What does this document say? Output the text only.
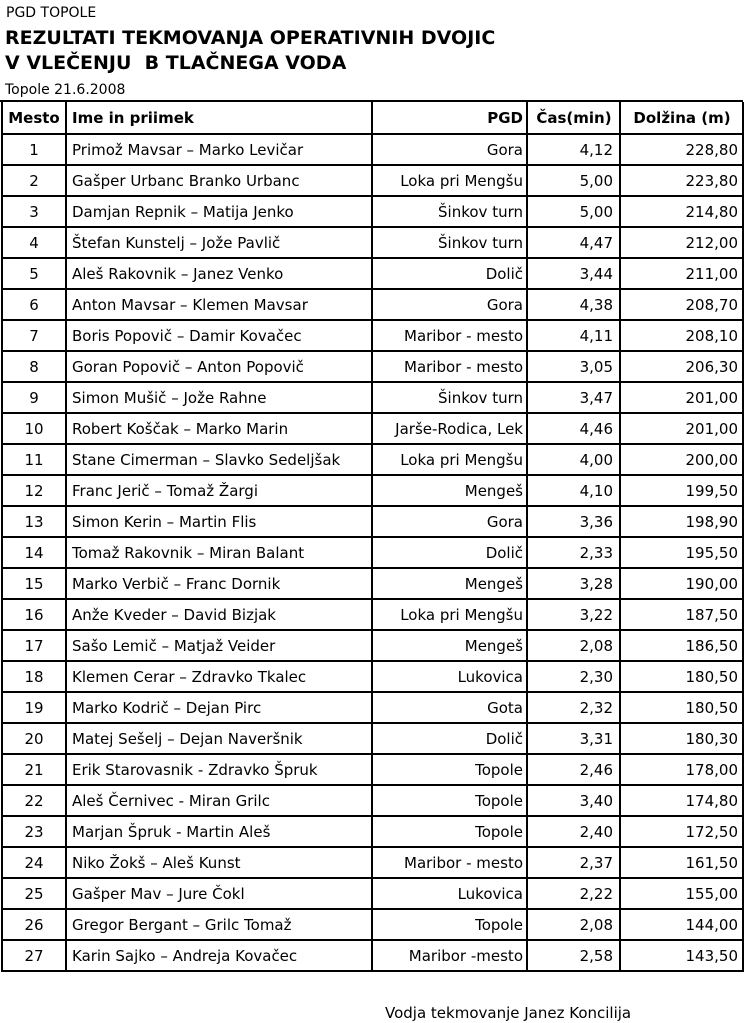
PGD TOPOLE
REZULTATI TEKMOVANJA OPERATIVNIH DVOJIC
V VLEČENJU  B TLAČNEGA VODA
Topole 21.6.2008
Mesto	Ime in priimek	PGD	Čas(min)	Dolžina (m)
1	Primož Mavsar – Marko Levičar	Gora	4,12	228,80
2	Gašper Urbanc Branko Urbanc	Loka pri Mengšu	5,00	223,80
3	Damjan Repnik – Matija Jenko	Šinkov turn	5,00	214,80
4	Štefan Kunstelj – Jože Pavlič	Šinkov turn	4,47	212,00
5	Aleš Rakovnik – Janez Venko	Dolič	3,44	211,00
6	Anton Mavsar – Klemen Mavsar	Gora	4,38	208,70
7	Boris Popovič – Damir Kovačec	Maribor - mesto	4,11	208,10
8	Goran Popovič – Anton Popovič	Maribor - mesto	3,05	206,30
9	Simon Mušič – Jože Rahne	Šinkov turn	3,47	201,00
10	Robert Koščak – Marko Marin	Jarše-Rodica, Lek	4,46	201,00
11	Stane Cimerman – Slavko Sedeljšak	Loka pri Mengšu	4,00	200,00
12	Franc Jerič – Tomaž Žargi	Mengeš	4,10	199,50
13	Simon Kerin – Martin Flis	Gora	3,36	198,90
14	Tomaž Rakovnik – Miran Balant	Dolič	2,33	195,50
15	Marko Verbič – Franc Dornik	Mengeš	3,28	190,00
16	Anže Kveder – David Bizjak	Loka pri Mengšu	3,22	187,50
17	Sašo Lemič – Matjaž Veider	Mengeš	2,08	186,50
18	Klemen Cerar – Zdravko Tkalec	Lukovica	2,30	180,50
19	Marko Kodrič – Dejan Pirc	Gota	2,32	180,50
20	Matej Sešelj – Dejan Naveršnik	Dolič	3,31	180,30
21	Erik Starovasnik - Zdravko Špruk	Topole	2,46	178,00
22	Aleš Černivec - Miran Grilc	Topole	3,40	174,80
23	Marjan Špruk - Martin Aleš	Topole	2,40	172,50
24	Niko Žokš – Aleš Kunst	Maribor - mesto	2,37	161,50
25	Gašper Mav – Jure Čokl	Lukovica	2,22	155,00
26	Gregor Bergant – Grilc Tomaž	Topole	2,08	144,00
27	Karin Sajko – Andreja Kovačec	Maribor -mesto	2,58	143,50
Vodja tekmovanje Janez Koncilija
